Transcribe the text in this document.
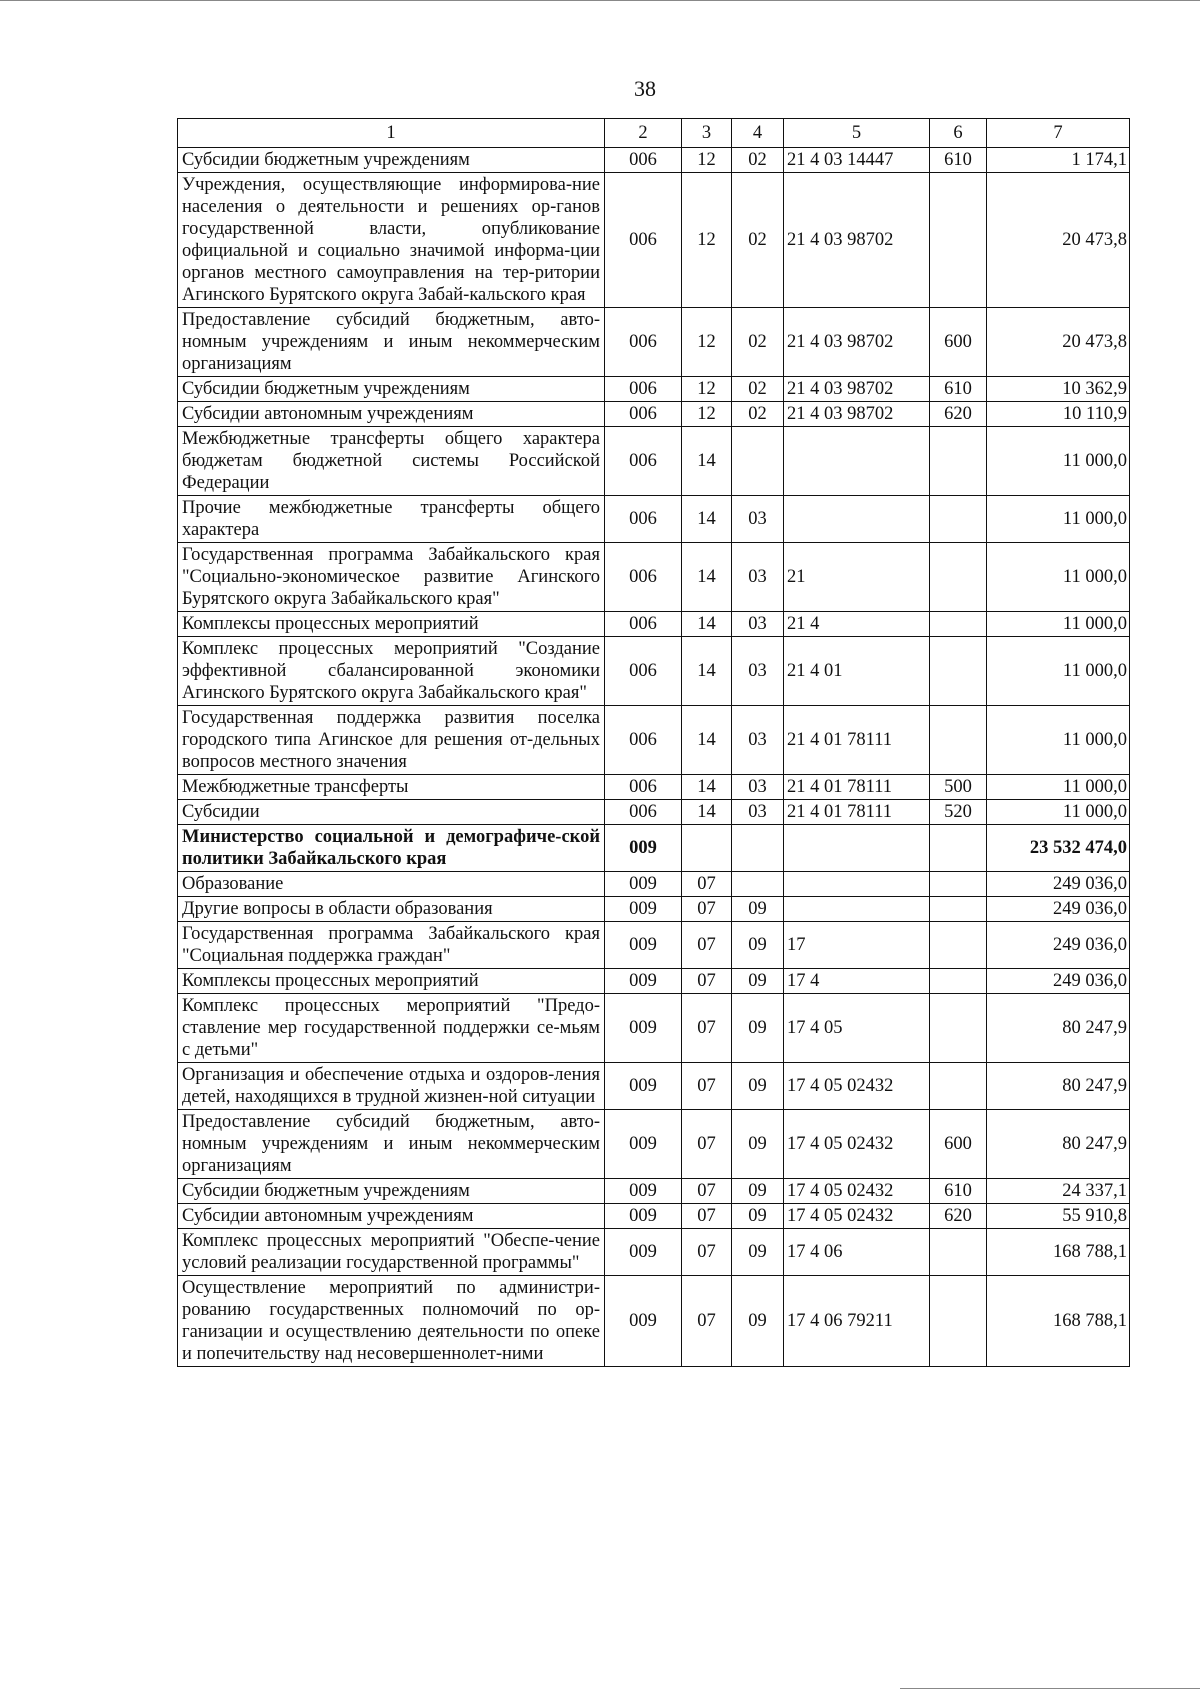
38
1	2	3	4	5	6	7
Субсидии бюджетным учреждениям	006	12	02	21 4 03 14447	610	1 174,1
Учреждения, осуществляющие информирова-ние населения о деятельности и решениях ор-ганов государственной власти, опубликование официальной и социально значимой информа-ции органов местного самоуправления на тер-ритории Агинского Бурятского округа Забай-кальского края	006	12	02	21 4 03 98702		20 473,8
Предоставление субсидий бюджетным, авто-номным учреждениям и иным некоммерческим организациям	006	12	02	21 4 03 98702	600	20 473,8
Субсидии бюджетным учреждениям	006	12	02	21 4 03 98702	610	10 362,9
Субсидии автономным учреждениям	006	12	02	21 4 03 98702	620	10 110,9
Межбюджетные трансферты общего характера бюджетам бюджетной системы Российской Федерации	006	14				11 000,0
Прочие межбюджетные трансферты общего характера	006	14	03			11 000,0
Государственная программа Забайкальского края "Социально-экономическое развитие Агинского Бурятского округа Забайкальского края"	006	14	03	21		11 000,0
Комплексы процессных мероприятий	006	14	03	21 4		11 000,0
Комплекс процессных мероприятий "Создание эффективной сбалансированной экономики Агинского Бурятского округа Забайкальского края"	006	14	03	21 4 01		11 000,0
Государственная поддержка развития поселка городского типа Агинское для решения от-дельных вопросов местного значения	006	14	03	21 4 01 78111		11 000,0
Межбюджетные трансферты	006	14	03	21 4 01 78111	500	11 000,0
Субсидии	006	14	03	21 4 01 78111	520	11 000,0
Министерство социальной и демографиче-ской политики Забайкальского края	009					23 532 474,0
Образование	009	07				249 036,0
Другие вопросы в области образования	009	07	09			249 036,0
Государственная программа Забайкальского края "Социальная поддержка граждан"	009	07	09	17		249 036,0
Комплексы процессных мероприятий	009	07	09	17 4		249 036,0
Комплекс процессных мероприятий "Предо-ставление мер государственной поддержки се-мьям с детьми"	009	07	09	17 4 05		80 247,9
Организация и обеспечение отдыха и оздоров-ления детей, находящихся в трудной жизнен-ной ситуации	009	07	09	17 4 05 02432		80 247,9
Предоставление субсидий бюджетным, авто-номным учреждениям и иным некоммерческим организациям	009	07	09	17 4 05 02432	600	80 247,9
Субсидии бюджетным учреждениям	009	07	09	17 4 05 02432	610	24 337,1
Субсидии автономным учреждениям	009	07	09	17 4 05 02432	620	55 910,8
Комплекс процессных мероприятий "Обеспе-чение условий реализации государственной программы"	009	07	09	17 4 06		168 788,1
Осуществление мероприятий по администри-рованию государственных полномочий по ор-ганизации и осуществлению деятельности по опеке и попечительству над несовершеннолет-ними	009	07	09	17 4 06 79211		168 788,1
